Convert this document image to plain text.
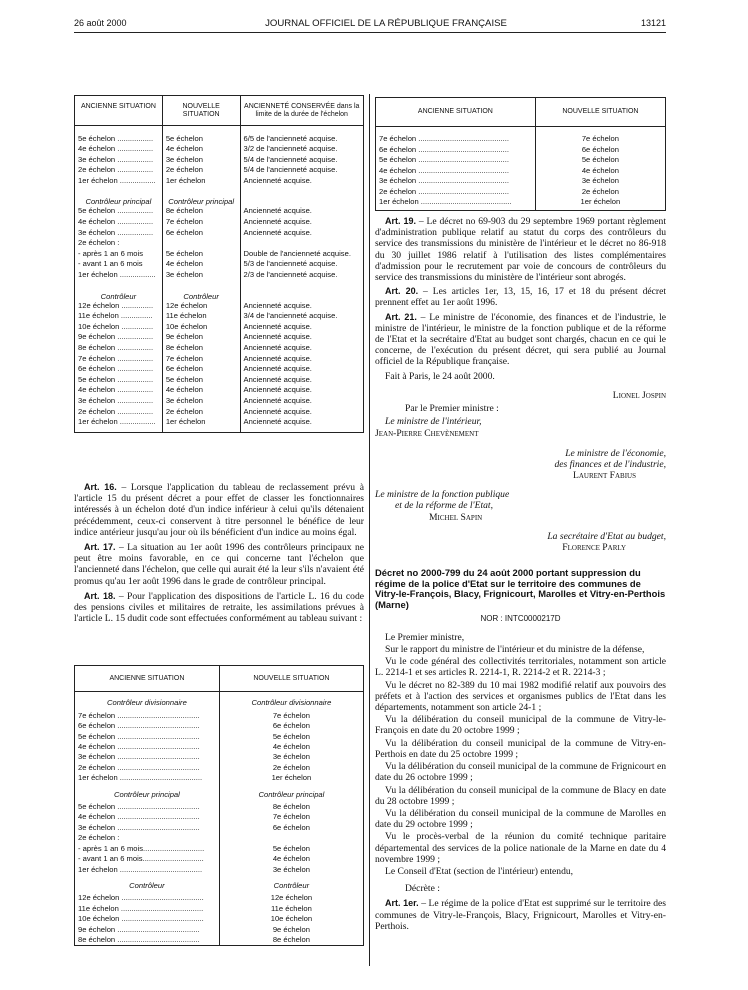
26 août 2000	JOURNAL OFFICIEL DE LA RÉPUBLIQUE FRANÇAISE	13121
ANCIENNE SITUATION	NOUVELLE SITUATION	ANCIENNETÉ CONSERVÉE dans la limite de la durée de l'échelon

5e échelon .................	5e échelon	6/5 de l'ancienneté acquise.
4e échelon .................	4e échelon	3/2 de l'ancienneté acquise.
3e échelon .................	3e échelon	5/4 de l'ancienneté acquise.
2e échelon .................	2e échelon	5/4 de l'ancienneté acquise.
1er échelon .................	1er échelon	Ancienneté acquise.

Contrôleur principal	Contrôleur principal	
5e échelon .................	8e échelon	Ancienneté acquise.
4e échelon .................	7e échelon	Ancienneté acquise.
3e échelon .................	6e échelon	Ancienneté acquise.
2e échelon :		
- après 1 an 6 mois	5e échelon	Double de l'ancienneté acquise.
- avant 1 an 6 mois	4e échelon	5/3 de l'ancienneté acquise.
1er échelon .................	3e échelon	2/3 de l'ancienneté acquise.

Contrôleur	Contrôleur	
12e échelon ...............	12e échelon	Ancienneté acquise.
11e échelon ...............	11e échelon	3/4 de l'ancienneté acquise.
10e échelon ...............	10e échelon	Ancienneté acquise.
9e échelon .................	9e échelon	Ancienneté acquise.
8e échelon .................	8e échelon	Ancienneté acquise.
7e échelon .................	7e échelon	Ancienneté acquise.
6e échelon .................	6e échelon	Ancienneté acquise.
5e échelon .................	5e échelon	Ancienneté acquise.
4e échelon .................	4e échelon	Ancienneté acquise.
3e échelon .................	3e échelon	Ancienneté acquise.
2e échelon .................	2e échelon	Ancienneté acquise.
1er échelon .................	1er échelon	Ancienneté acquise.

Art. 16. – Lorsque l'application du tableau de reclassement prévu à l'article 15 du présent décret a pour effet de classer les fonctionnaires intéressés à un échelon doté d'un indice inférieur à celui qu'ils détenaient précédemment, ceux-ci conservent à titre personnel le bénéfice de leur indice antérieur jusqu'au jour où ils bénéficient d'un indice au moins égal.

Art. 17. – La situation au 1er août 1996 des contrôleurs principaux ne peut être moins favorable, en ce qui concerne tant l'échelon que l'ancienneté dans l'échelon, que celle qui aurait été la leur s'ils n'avaient été promus qu'au 1er août 1996 dans le grade de contrôleur principal.

Art. 18. – Pour l'application des dispositions de l'article L. 16 du code des pensions civiles et militaires de retraite, les assimilations prévues à l'article L. 15 dudit code sont effectuées conformément au tableau suivant :

ANCIENNE SITUATION	NOUVELLE SITUATION
Contrôleur divisionnaire	Contrôleur divisionnaire
7e échelon .......................................	7e échelon
6e échelon .......................................	6e échelon
5e échelon .......................................	5e échelon
4e échelon .......................................	4e échelon
3e échelon .......................................	3e échelon
2e échelon .......................................	2e échelon
1er échelon .......................................	1er échelon
Contrôleur principal	Contrôleur principal
5e échelon .......................................	8e échelon
4e échelon .......................................	7e échelon
3e échelon .......................................	6e échelon
2e échelon :	
- après 1 an 6 mois.............................	5e échelon
- avant 1 an 6 mois.............................	4e échelon
1er échelon .......................................	3e échelon
Contrôleur	Contrôleur
12e échelon .......................................	12e échelon
11e échelon .......................................	11e échelon
10e échelon .......................................	10e échelon
9e échelon .......................................	9e échelon
8e échelon .......................................	8e échelon
ANCIENNE SITUATION	NOUVELLE SITUATION

7e échelon ...........................................	7e échelon
6e échelon ...........................................	6e échelon
5e échelon ...........................................	5e échelon
4e échelon ...........................................	4e échelon
3e échelon ...........................................	3e échelon
2e échelon ...........................................	2e échelon
1er échelon ...........................................	1er échelon

Art. 19. – Le décret no 69-903 du 29 septembre 1969 portant règlement d'administration publique relatif au statut du corps des contrôleurs du service des transmissions du ministère de l'intérieur et le décret no 86-918 du 30 juillet 1986 relatif à l'utilisation des listes complémentaires d'admission pour le recrutement par voie de concours de contrôleurs du service des transmissions du ministère de l'intérieur sont abrogés.

Art. 20. – Les articles 1er, 13, 15, 16, 17 et 18 du présent décret prennent effet au 1er août 1996.

Art. 21. – Le ministre de l'économie, des finances et de l'industrie, le ministre de l'intérieur, le ministre de la fonction publique et de la réforme de l'Etat et la secrétaire d'Etat au budget sont chargés, chacun en ce qui le concerne, de l'exécution du présent décret, qui sera publié au Journal officiel de la République française.

Fait à Paris, le 24 août 2000.

Lionel Jospin
Par le Premier ministre :
Le ministre de l'intérieur,
Jean-Pierre Chevènement
Le ministre de l'économie,
des finances et de l'industrie,
Laurent Fabius
Le ministre de la fonction publique
et de la réforme de l'Etat,
Michel Sapin
La secrétaire d'Etat au budget,
Florence Parly
Décret no 2000-799 du 24 août 2000 portant suppression du régime de la police d'Etat sur le territoire des communes de Vitry-le-François, Blacy, Frignicourt, Marolles et Vitry-en-Perthois (Marne)
NOR : INTC0000217D

Le Premier ministre,

Sur le rapport du ministre de l'intérieur et du ministre de la défense,

Vu le code général des collectivités territoriales, notamment son article L. 2214-1 et ses articles R. 2214-1, R. 2214-2 et R. 2214-3 ;

Vu le décret no 82-389 du 10 mai 1982 modifié relatif aux pouvoirs des préfets et à l'action des services et organismes publics de l'Etat dans les départements, notamment son article 24-1 ;

Vu la délibération du conseil municipal de la commune de Vitry-le-François en date du 20 octobre 1999 ;

Vu la délibération du conseil municipal de la commune de Vitry-en-Perthois en date du 25 octobre 1999 ;

Vu la délibération du conseil municipal de la commune de Frignicourt en date du 26 octobre 1999 ;

Vu la délibération du conseil municipal de la commune de Blacy en date du 28 octobre 1999 ;

Vu la délibération du conseil municipal de la commune de Marolles en date du 29 octobre 1999 ;

Vu le procès-verbal de la réunion du comité technique paritaire départemental des services de la police nationale de la Marne en date du 4 novembre 1999 ;

Le Conseil d'Etat (section de l'intérieur) entendu,

Décrète :

Art. 1er. – Le régime de la police d'Etat est supprimé sur le territoire des communes de Vitry-le-François, Blacy, Frignicourt, Marolles et Vitry-en-Perthois.
